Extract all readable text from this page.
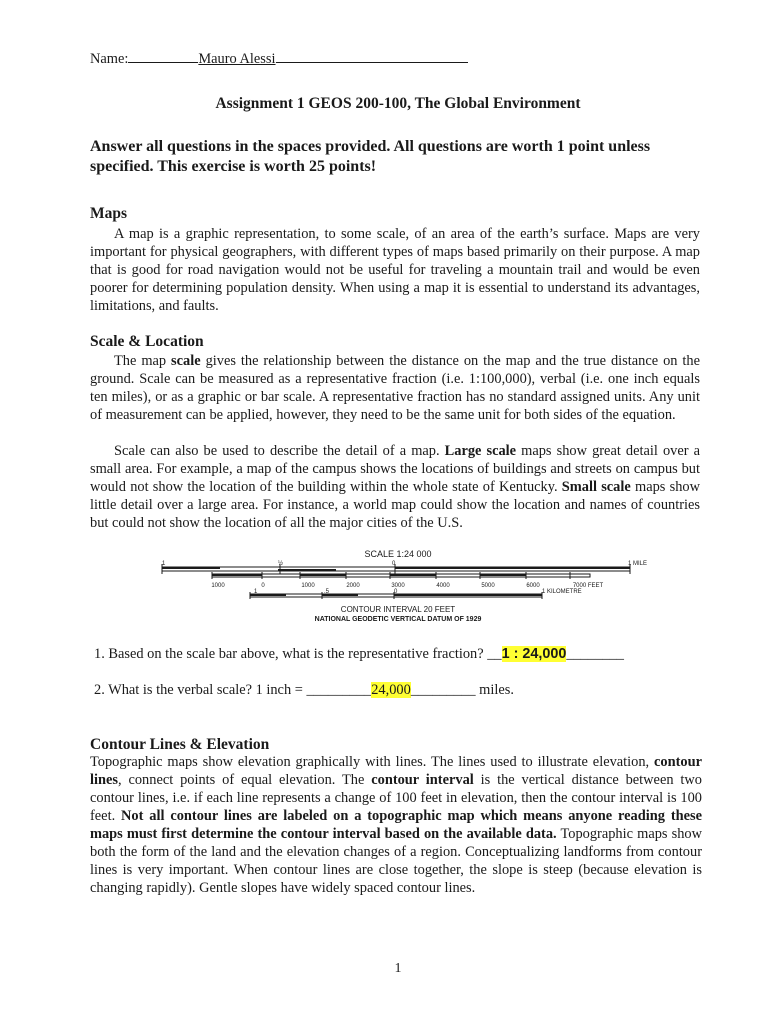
Name:	Mauro Alessi
Assignment 1 GEOS 200-100, The Global Environment
Answer all questions in the spaces provided. All questions are worth 1 point unless specified. This exercise is worth 25 points!
Maps
A map is a graphic representation, to some scale, of an area of the earth’s surface. Maps are very important for physical geographers, with different types of maps based primarily on their purpose. A map that is good for road navigation would not be useful for traveling a mountain trail and would be even poorer for determining population density. When using a map it is essential to understand its advantages, limitations, and faults.
Scale & Location
The map scale gives the relationship between the distance on the map and the true distance on the ground. Scale can be measured as a representative fraction (i.e. 1:100,000), verbal (i.e. one inch equals ten miles), or as a graphic or bar scale. A representative fraction has no standard assigned units. Any unit of measurement can be applied, however, they need to be the same unit for both sides of the equation.
Scale can also be used to describe the detail of a map. Large scale maps show great detail over a small area. For example, a map of the campus shows the locations of buildings and streets on campus but would not show the location of the building within the whole state of Kentucky. Small scale maps show little detail over a large area. For instance, a world map could show the location and names of countries but could not show the location of all the major cities of the U.S.
SCALE 1:24 000
1	½	0	1 MILE
1000	0	1000	2000	3000	4000	5000	6000	7000 FEET
1	.5	0	1 KILOMETRE
CONTOUR INTERVAL 20 FEET
NATIONAL GEODETIC VERTICAL DATUM OF 1929
1. Based on the scale bar above, what is the representative fraction? __1 : 24,000________
2. What is the verbal scale? 1 inch = _________24,000_________ miles.
Contour Lines & Elevation
Topographic maps show elevation graphically with lines. The lines used to illustrate elevation, contour lines, connect points of equal elevation. The contour interval is the vertical distance between two contour lines, i.e. if each line represents a change of 100 feet in elevation, then the contour interval is 100 feet. Not all contour lines are labeled on a topographic map which means anyone reading these maps must first determine the contour interval based on the available data. Topographic maps show both the form of the land and the elevation changes of a region. Conceptualizing landforms from contour lines is very important. When contour lines are close together, the slope is steep (because elevation is changing rapidly). Gentle slopes have widely spaced contour lines.
1
